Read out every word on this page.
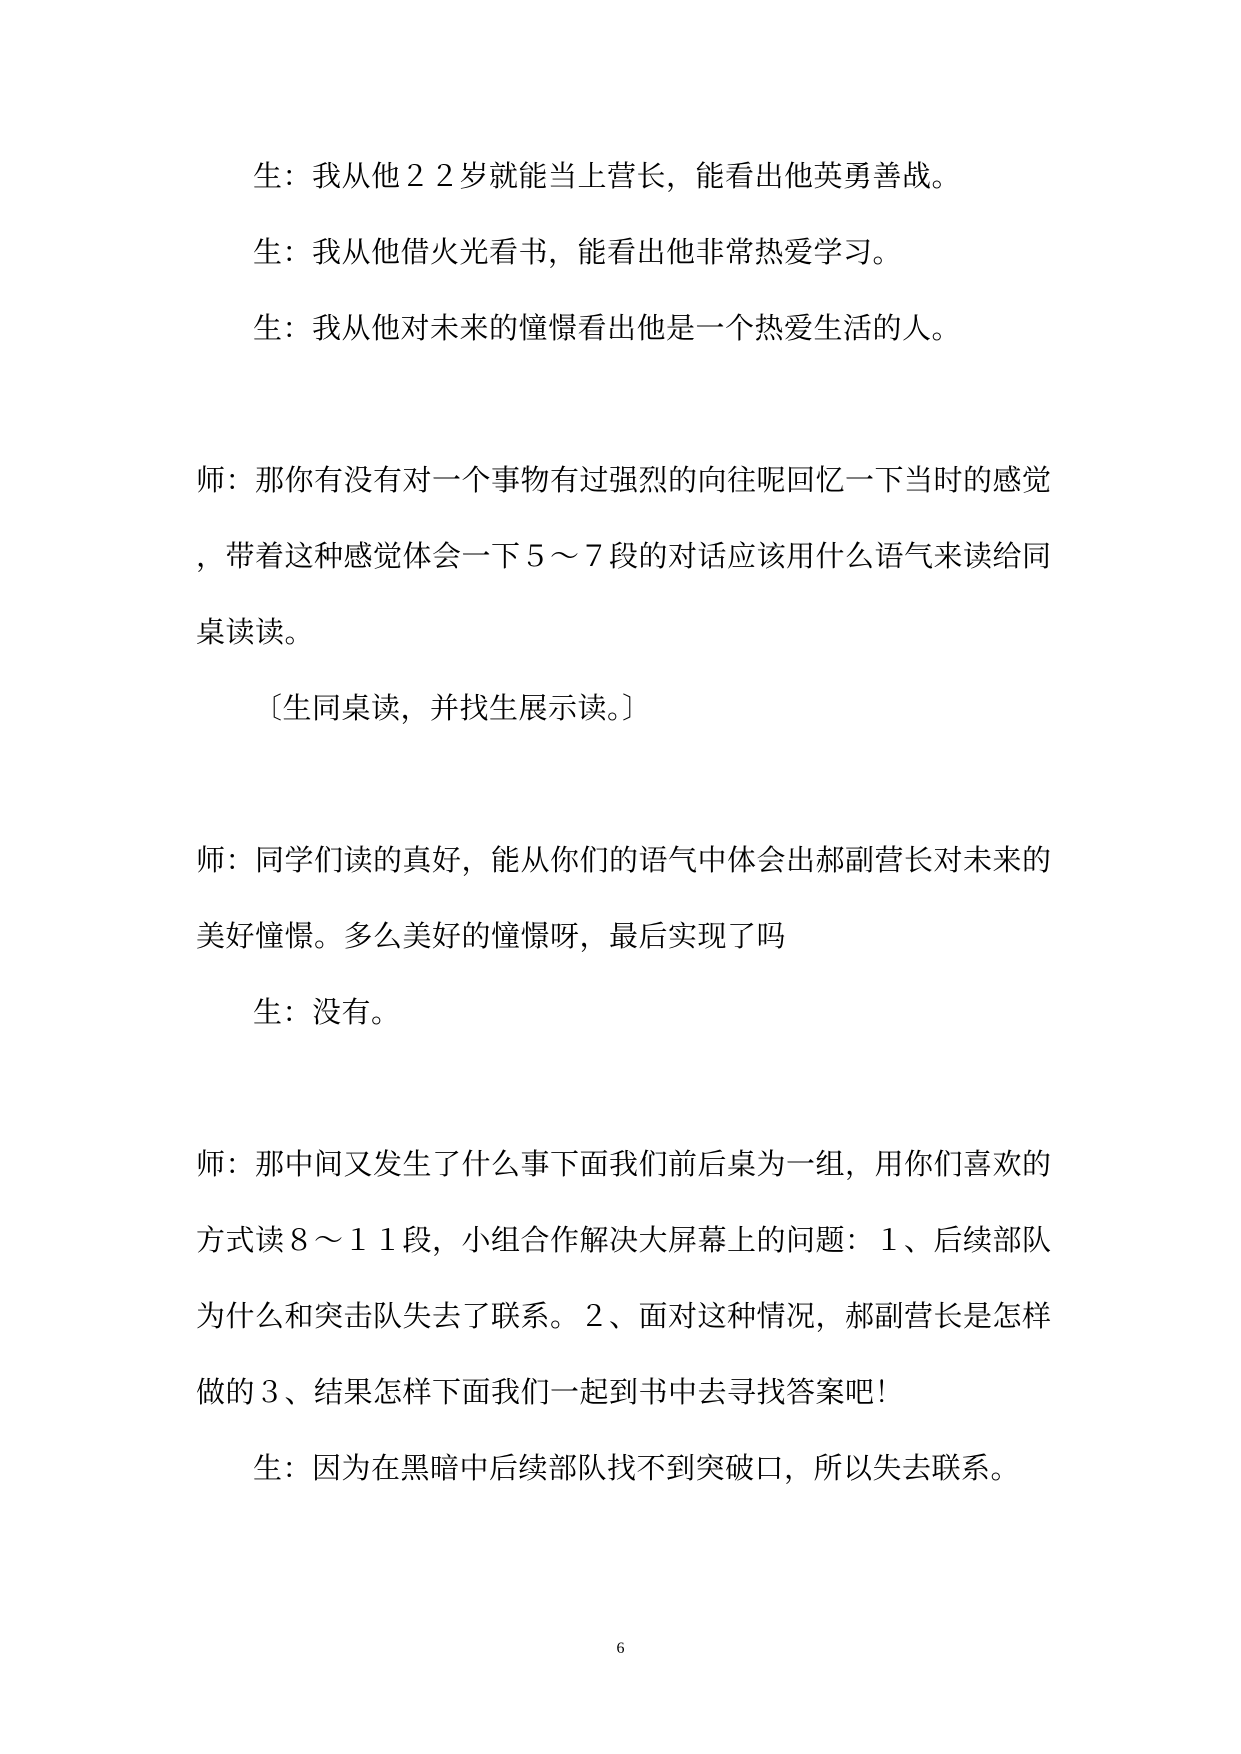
生：我从他２２岁就能当上营长，能看出他英勇善战。
生：我从他借火光看书，能看出他非常热爱学习。
生：我从他对未来的憧憬看出他是一个热爱生活的人。
师：那你有没有对一个事物有过强烈的向往呢回忆一下当时的感觉
，带着这种感觉体会一下５～７段的对话应该用什么语气来读给同
桌读读。
〔生同桌读，并找生展示读。〕
师：同学们读的真好，能从你们的语气中体会出郝副营长对未来的
美好憧憬。多么美好的憧憬呀，最后实现了吗
生：没有。
师：那中间又发生了什么事下面我们前后桌为一组，用你们喜欢的
方式读８～１１段，小组合作解决大屏幕上的问题：１、后续部队
为什么和突击队失去了联系。２、面对这种情况，郝副营长是怎样
做的３、结果怎样下面我们一起到书中去寻找答案吧！
生：因为在黑暗中后续部队找不到突破口，所以失去联系。
6
